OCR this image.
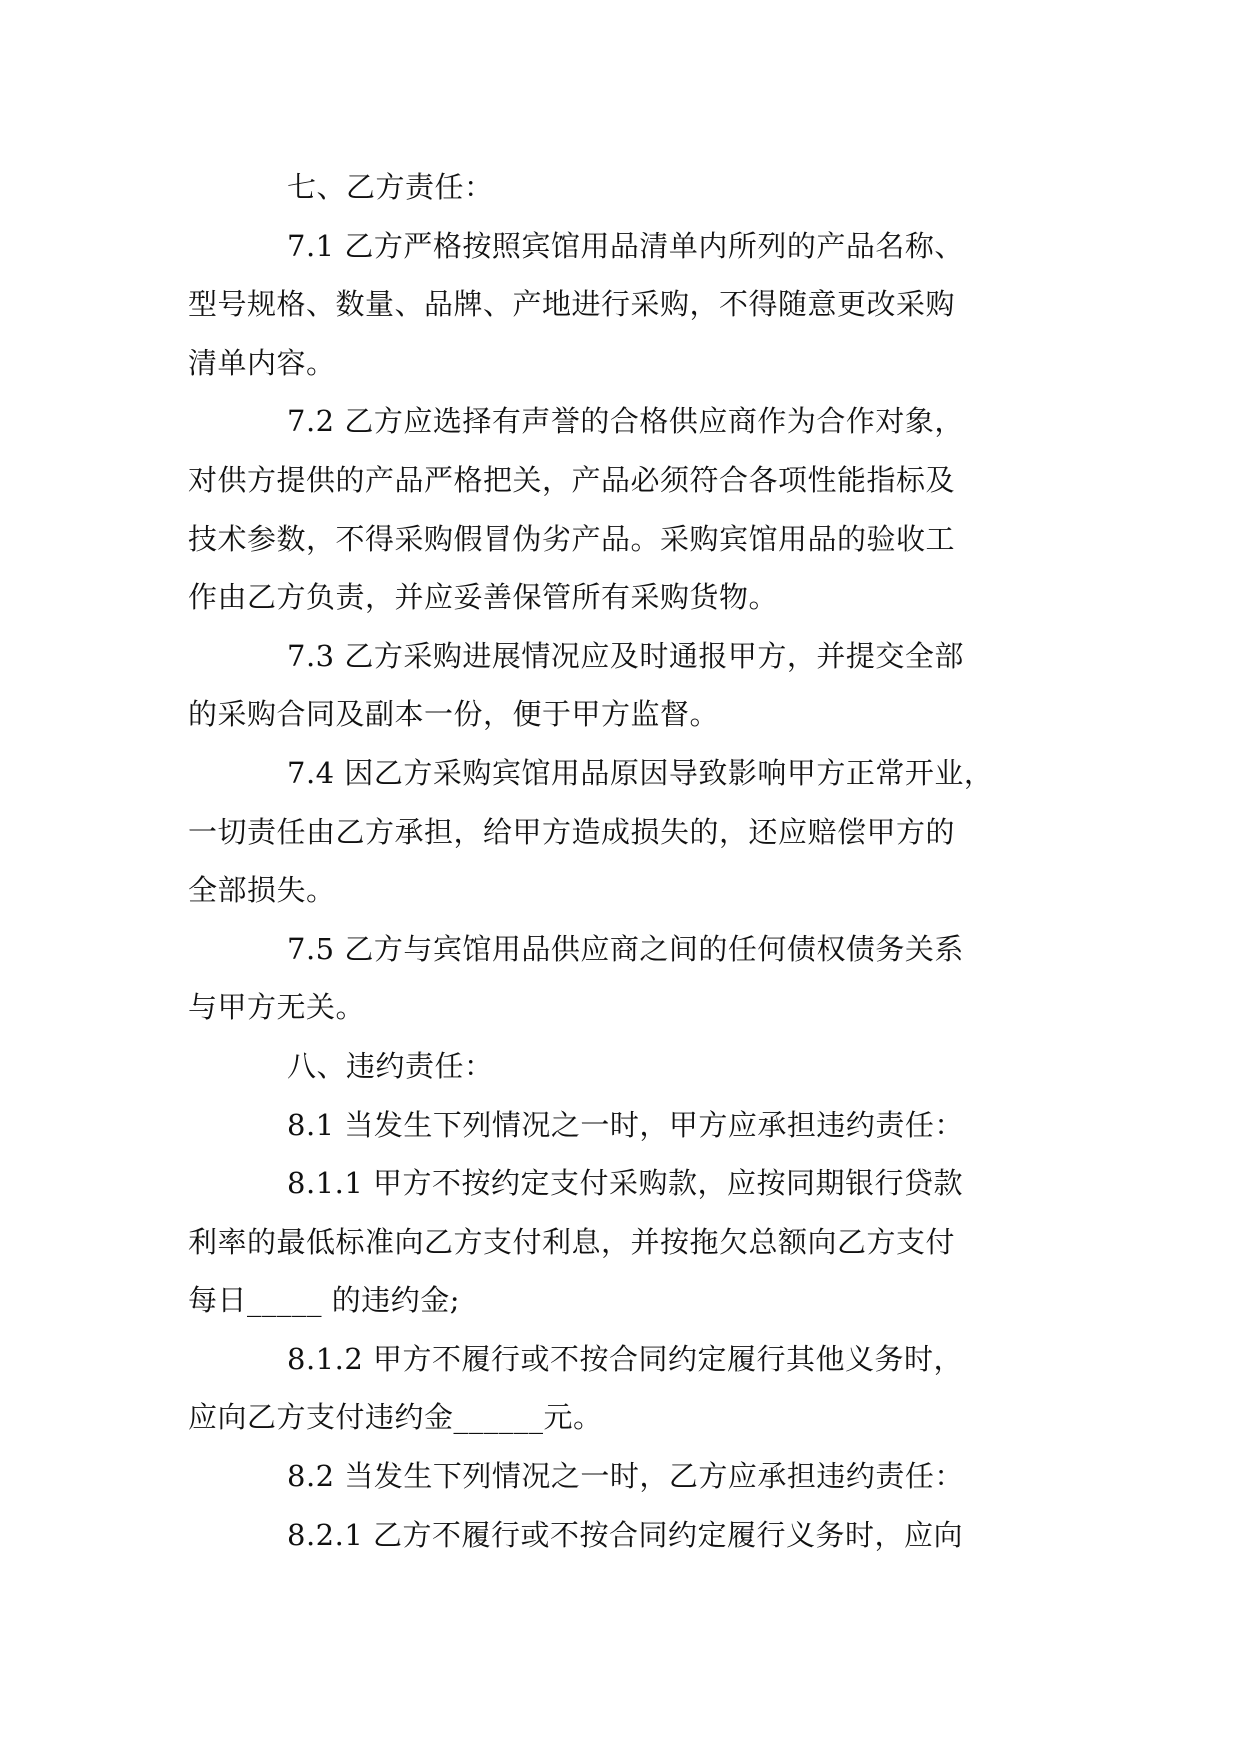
七、乙方责任：
7.1 乙方严格按照宾馆用品清单内所列的产品名称、
型号规格、数量、品牌、产地进行采购，不得随意更改采购
清单内容。
7.2 乙方应选择有声誉的合格供应商作为合作对象，
对供方提供的产品严格把关，产品必须符合各项性能指标及
技术参数，不得采购假冒伪劣产品。采购宾馆用品的验收工
作由乙方负责，并应妥善保管所有采购货物。
7.3 乙方采购进展情况应及时通报甲方，并提交全部
的采购合同及副本一份，便于甲方监督。
7.4 因乙方采购宾馆用品原因导致影响甲方正常开业，
一切责任由乙方承担，给甲方造成损失的，还应赔偿甲方的
全部损失。
7.5 乙方与宾馆用品供应商之间的任何债权债务关系
与甲方无关。
八、违约责任：
8.1 当发生下列情况之一时，甲方应承担违约责任：
8.1.1 甲方不按约定支付采购款，应按同期银行贷款
利率的最低标准向乙方支付利息，并按拖欠总额向乙方支付
每日_____ 的违约金;
8.1.2 甲方不履行或不按合同约定履行其他义务时，
应向乙方支付违约金______元。
8.2 当发生下列情况之一时，乙方应承担违约责任：
8.2.1 乙方不履行或不按合同约定履行义务时，应向
